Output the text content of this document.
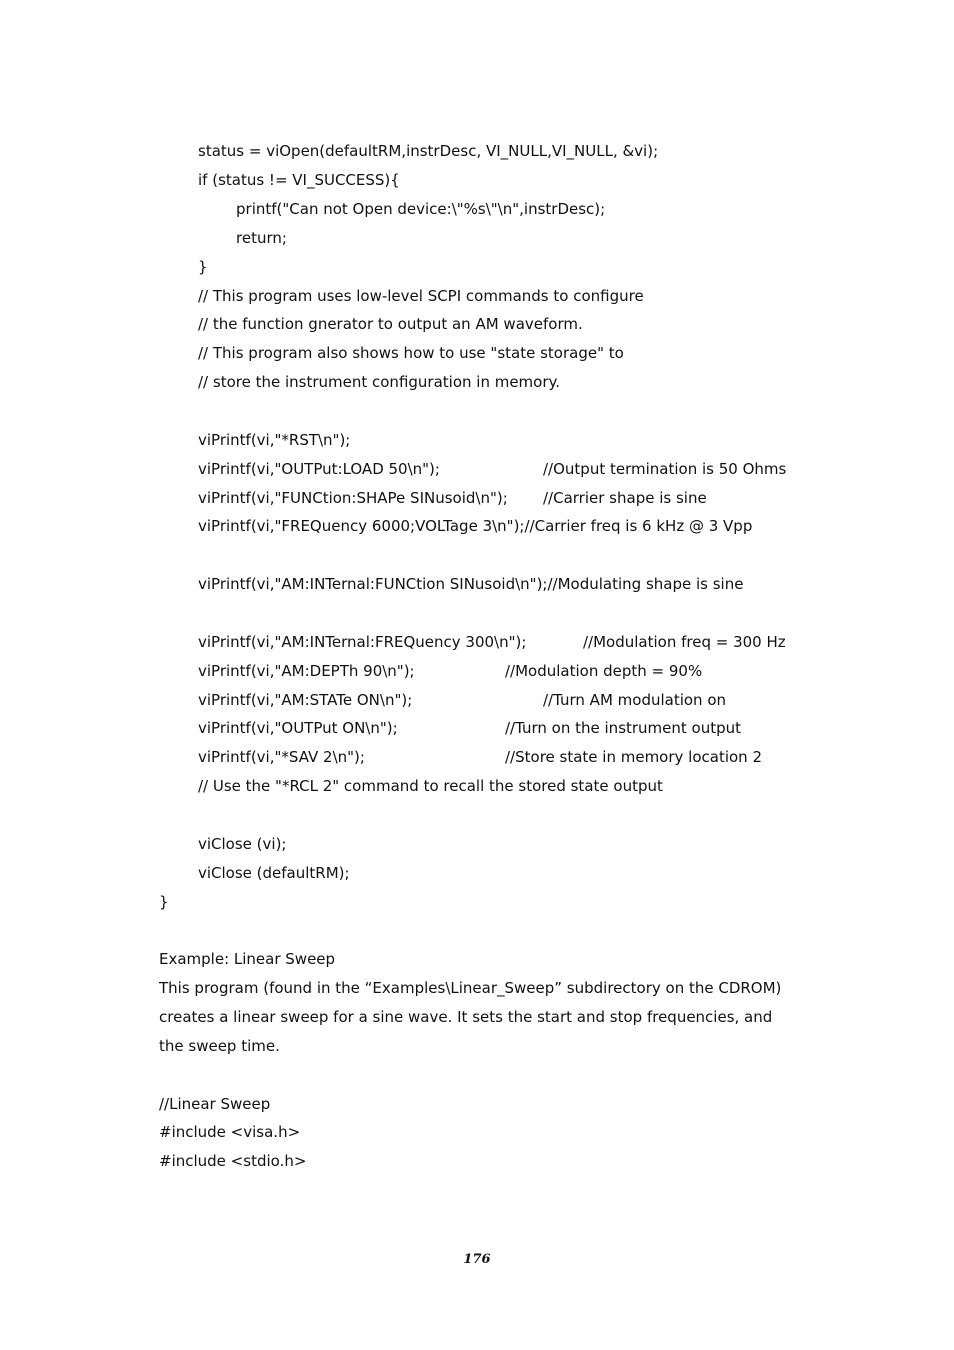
status = viOpen(defaultRM,instrDesc, VI_NULL,VI_NULL, &vi);

if (status != VI_SUCCESS){

printf("Can not Open device:\"%s\"\n",instrDesc);

return;

}

// This program uses low-level SCPI commands to configure

// the function gnerator to output an AM waveform.

// This program also shows how to use "state storage" to

// store the instrument configuration in memory.

viPrintf(vi,"*RST\n");

viPrintf(vi,"OUTPut:LOAD 50\n");	//Output termination is 50 Ohms

viPrintf(vi,"FUNCtion:SHAPe SINusoid\n"); //Carrier shape is sine

viPrintf(vi,"FREQuency 6000;VOLTage 3\n");//Carrier freq is 6 kHz @ 3 Vpp

viPrintf(vi,"AM:INTernal:FUNCtion SINusoid\n");//Modulating shape is sine

viPrintf(vi,"AM:INTernal:FREQuency 300\n");	//Modulation freq = 300 Hz

viPrintf(vi,"AM:DEPTh 90\n");	//Modulation depth = 90%

viPrintf(vi,"AM:STATe ON\n");	//Turn AM modulation on

viPrintf(vi,"OUTPut ON\n");	//Turn on the instrument output

viPrintf(vi,"*SAV 2\n");	//Store state in memory location 2

// Use the "*RCL 2" command to recall the stored state output

viClose (vi);

viClose (defaultRM);

}

Example: Linear Sweep

This program (found in the “Examples\Linear_Sweep” subdirectory on the CDROM)

creates a linear sweep for a sine wave. It sets the start and stop frequencies, and

the sweep time.

//Linear Sweep

#include <visa.h>

#include <stdio.h>

176
